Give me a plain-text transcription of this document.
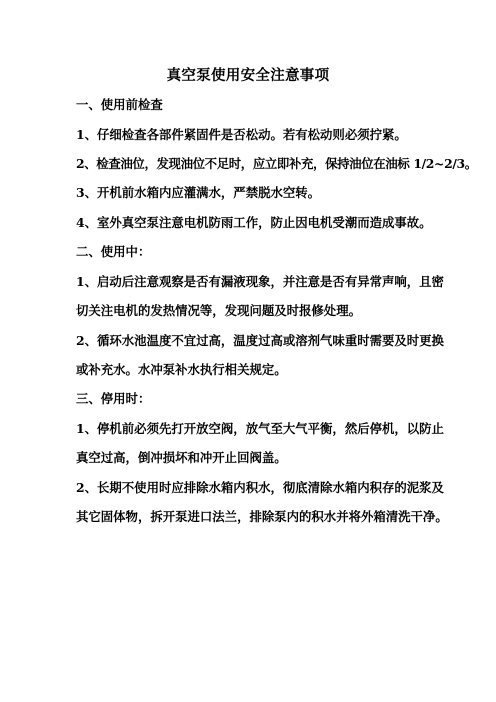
真空泵使用安全注意事项
一、使用前检查
1、仔细检查各部件紧固件是否松动。若有松动则必须拧紧。
2、检查油位，发现油位不足时，应立即补充，保持油位在油标 1/2~2/3。
3、开机前水箱内应灌满水，严禁脱水空转。
4、室外真空泵注意电机防雨工作，防止因电机受潮而造成事故。
二、使用中：
1、启动后注意观察是否有漏液现象，并注意是否有异常声响，且密
切关注电机的发热情况等，发现问题及时报修处理。
2、循环水池温度不宜过高，温度过高或溶剂气味重时需要及时更换
或补充水。水冲泵补水执行相关规定。
三、停用时：
1、停机前必须先打开放空阀，放气至大气平衡，然后停机，以防止
真空过高，倒冲损坏和冲开止回阀盖。
2、长期不使用时应排除水箱内积水，彻底清除水箱内积存的泥浆及
其它固体物，拆开泵进口法兰，排除泵内的积水并将外箱清洗干净。
